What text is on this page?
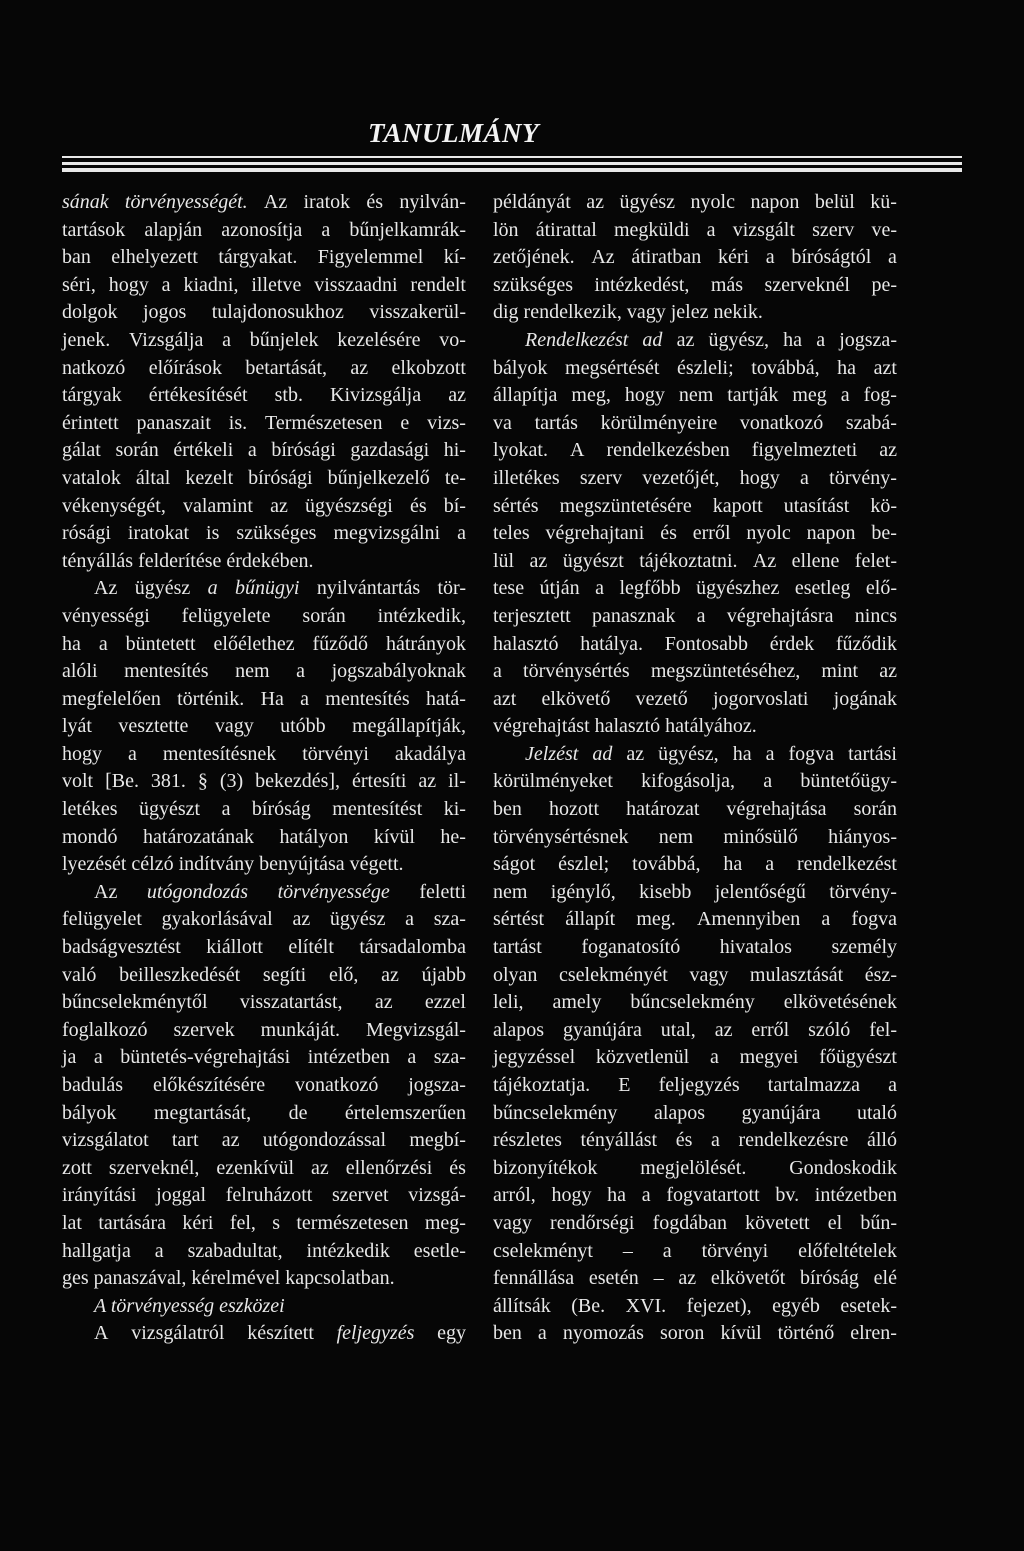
TANULMÁNY
sának törvényességét. Az iratok és nyilván-
tartások alapján azonosítja a bűnjelkamrák-
ban elhelyezett tárgyakat. Figyelemmel kí-
séri, hogy a kiadni, illetve visszaadni rendelt
dolgok jogos tulajdonosukhoz visszakerül-
jenek. Vizsgálja a bűnjelek kezelésére vo-
natkozó előírások betartását, az elkobzott
tárgyak értékesítését stb. Kivizsgálja az
érintett panaszait is. Természetesen e vizs-
gálat során értékeli a bírósági gazdasági hi-
vatalok által kezelt bírósági bűnjelkezelő te-
vékenységét, valamint az ügyészségi és bí-
rósági iratokat is szükséges megvizsgálni a
tényállás felderítése érdekében.
Az ügyész a bűnügyi nyilvántartás tör-
vényességi felügyelete során intézkedik,
ha a büntetett előélethez fűződő hátrányok
alóli mentesítés nem a jogszabályoknak
megfelelően történik. Ha a mentesítés hatá-
lyát vesztette vagy utóbb megállapítják,
hogy a mentesítésnek törvényi akadálya
volt [Be. 381. § (3) bekezdés], értesíti az il-
letékes ügyészt a bíróság mentesítést ki-
mondó határozatának hatályon kívül he-
lyezését célzó indítvány benyújtása végett.
Az utógondozás törvényessége feletti
felügyelet gyakorlásával az ügyész a sza-
badságvesztést kiállott elítélt társadalomba
való beilleszkedését segíti elő, az újabb
bűncselekménytől visszatartást, az ezzel
foglalkozó szervek munkáját. Megvizsgál-
ja a büntetés-végrehajtási intézetben a sza-
badulás előkészítésére vonatkozó jogsza-
bályok megtartását, de értelemszerűen
vizsgálatot tart az utógondozással megbí-
zott szerveknél, ezenkívül az ellenőrzési és
irányítási joggal felruházott szervet vizsgá-
lat tartására kéri fel, s természetesen meg-
hallgatja a szabadultat, intézkedik esetle-
ges panaszával, kérelmével kapcsolatban.
A törvényesség eszközei
A vizsgálatról készített feljegyzés egy
példányát az ügyész nyolc napon belül kü-
lön átirattal megküldi a vizsgált szerv ve-
zetőjének. Az átiratban kéri a bíróságtól a
szükséges intézkedést, más szerveknél pe-
dig rendelkezik, vagy jelez nekik.
Rendelkezést ad az ügyész, ha a jogsza-
bályok megsértését észleli; továbbá, ha azt
állapítja meg, hogy nem tartják meg a fog-
va tartás körülményeire vonatkozó szabá-
lyokat. A rendelkezésben figyelmezteti az
illetékes szerv vezetőjét, hogy a törvény-
sértés megszüntetésére kapott utasítást kö-
teles végrehajtani és erről nyolc napon be-
lül az ügyészt tájékoztatni. Az ellene felet-
tese útján a legfőbb ügyészhez esetleg elő-
terjesztett panasznak a végrehajtásra nincs
halasztó hatálya. Fontosabb érdek fűződik
a törvénysértés megszüntetéséhez, mint az
azt elkövető vezető jogorvoslati jogának
végrehajtást halasztó hatályához.
Jelzést ad az ügyész, ha a fogva tartási
körülményeket kifogásolja, a büntetőügy-
ben hozott határozat végrehajtása során
törvénysértésnek nem minősülő hiányos-
ságot észlel; továbbá, ha a rendelkezést
nem igénylő, kisebb jelentőségű törvény-
sértést állapít meg. Amennyiben a fogva
tartást foganatosító hivatalos személy
olyan cselekményét vagy mulasztását ész-
leli, amely bűncselekmény elkövetésének
alapos gyanújára utal, az erről szóló fel-
jegyzéssel közvetlenül a megyei főügyészt
tájékoztatja. E feljegyzés tartalmazza a
bűncselekmény alapos gyanújára utaló
részletes tényállást és a rendelkezésre álló
bizonyítékok megjelölését. Gondoskodik
arról, hogy ha a fogvatartott bv. intézetben
vagy rendőrségi fogdában követett el bűn-
cselekményt – a törvényi előfeltételek
fennállása esetén – az elkövetőt bíróság elé
állítsák (Be. XVI. fejezet), egyéb esetek-
ben a nyomozás soron kívül történő elren-
